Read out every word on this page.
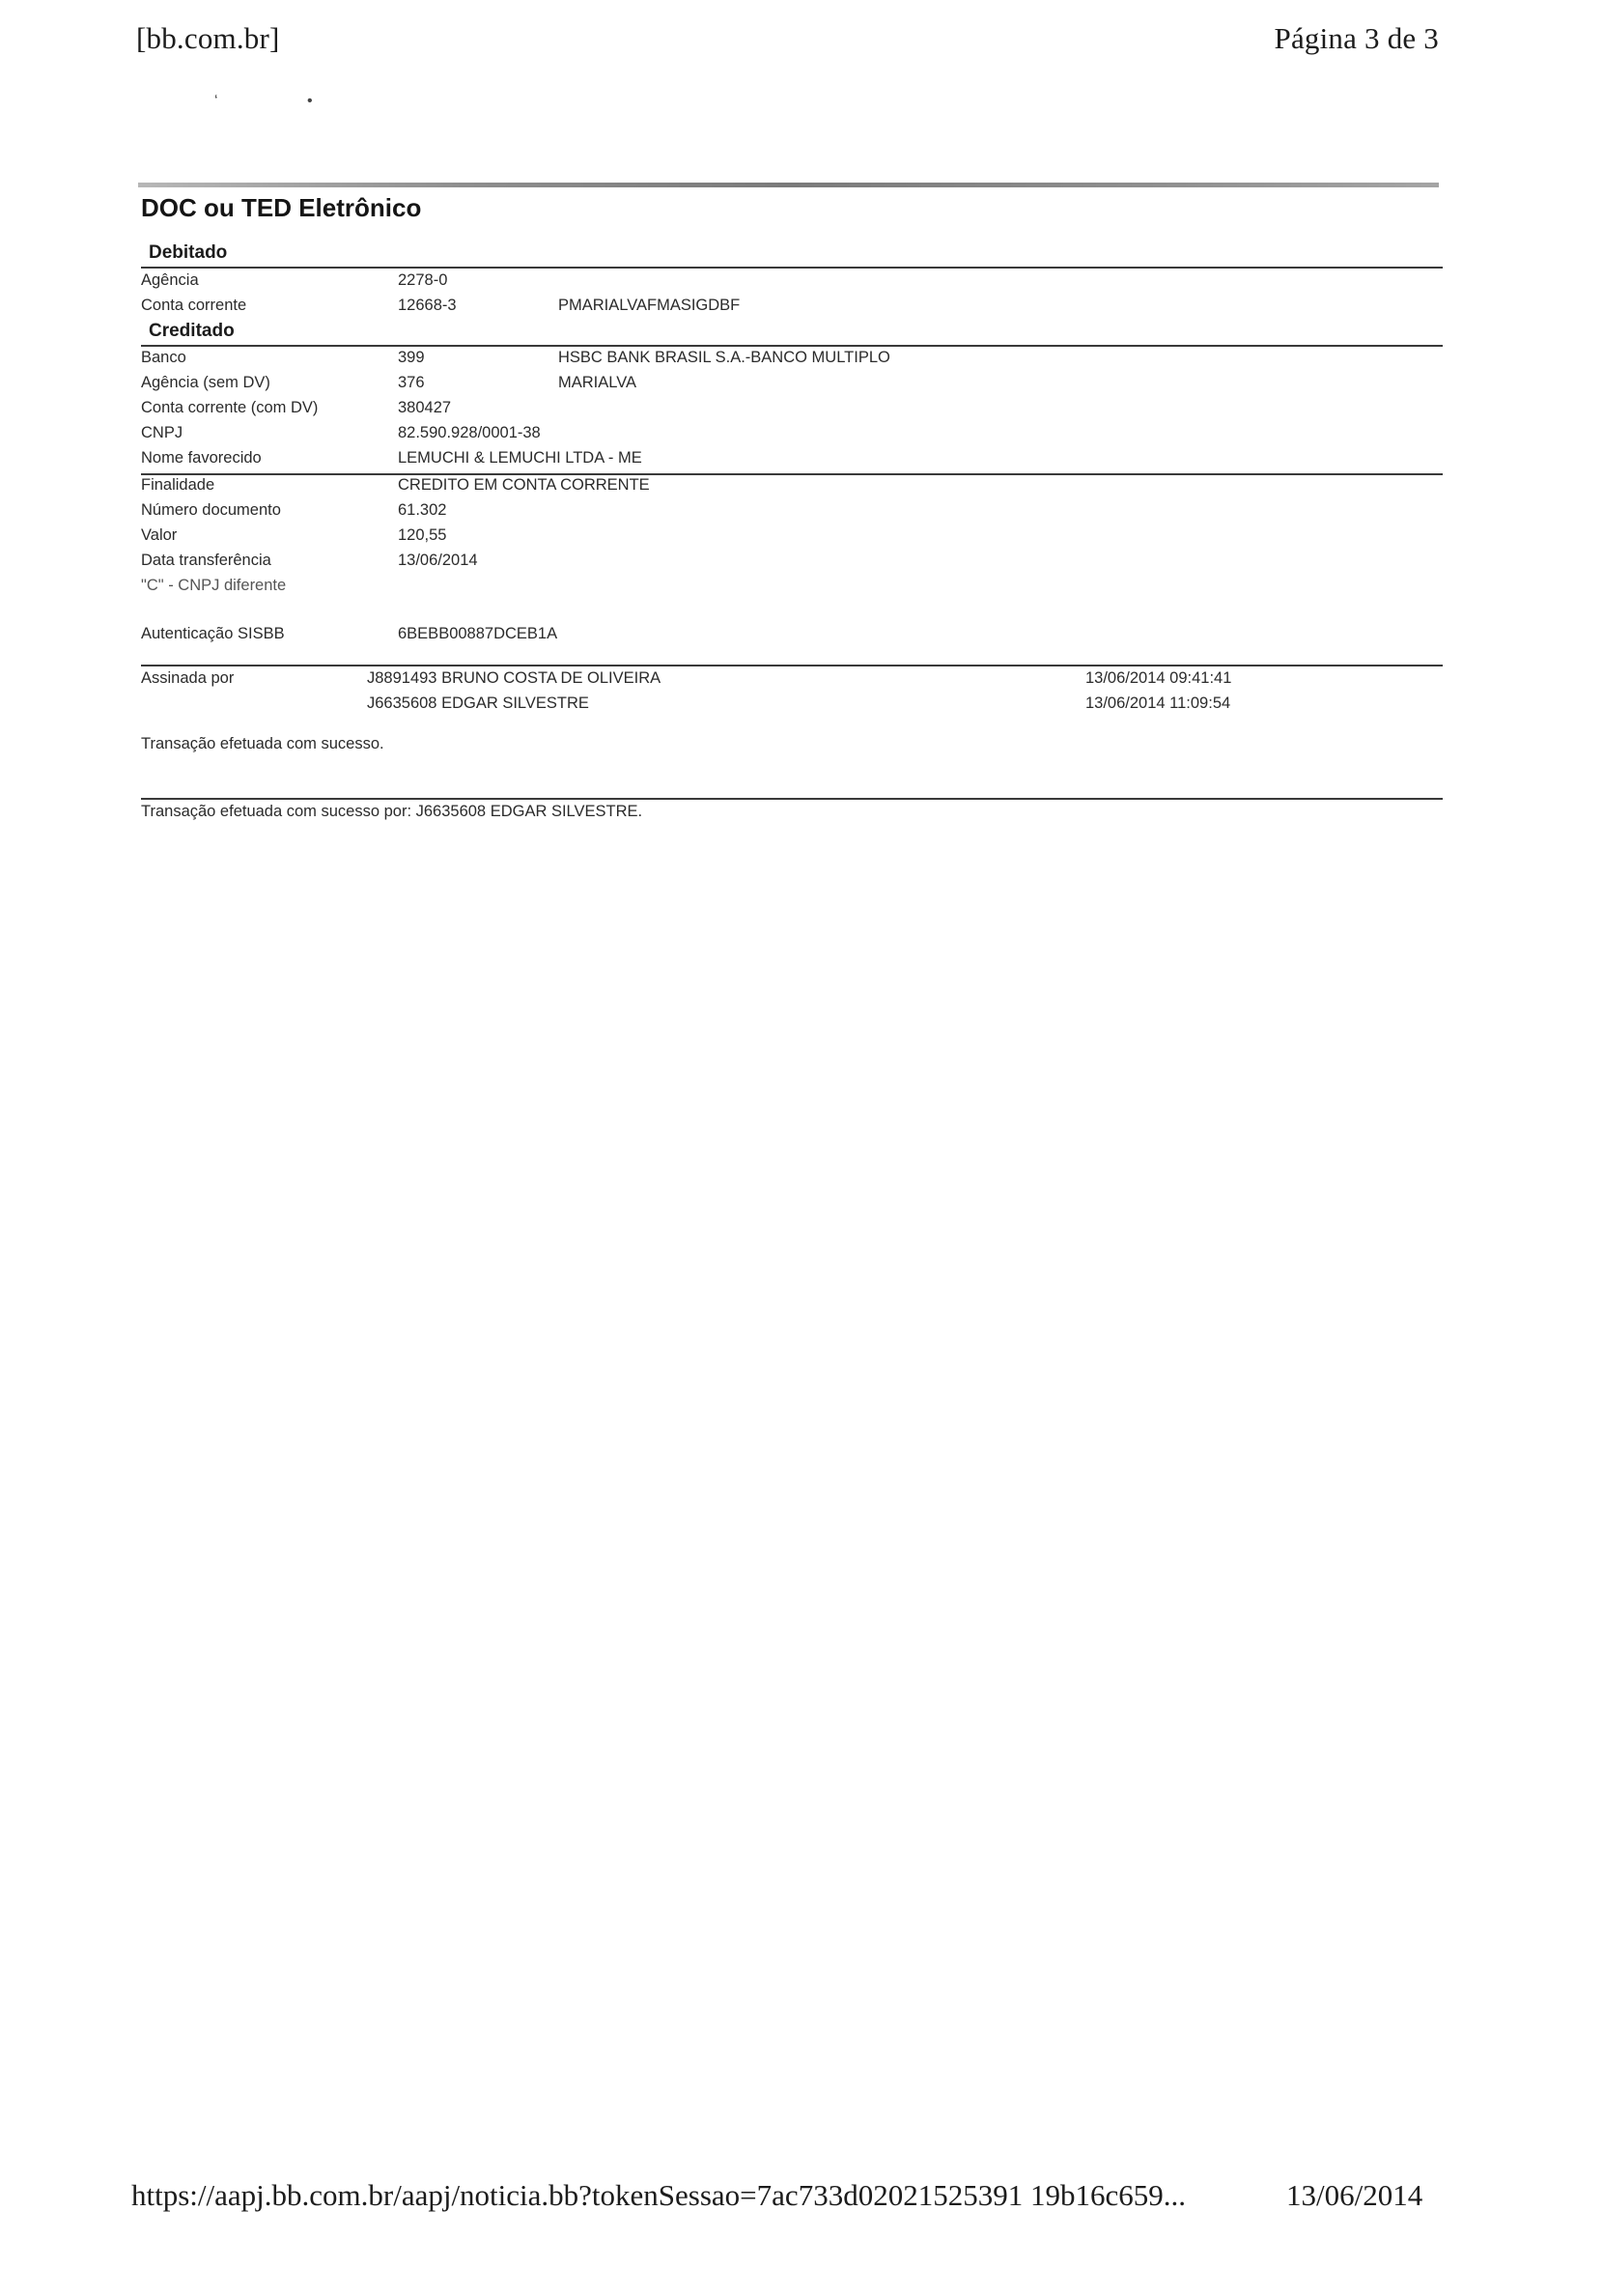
[bb.com.br]	Página 3 de 3
‘	•
DOC ou TED Eletrônico
Debitado
Agência	2278-0
Conta corrente	12668-3	PMARIALVAFMASIGDBF
Creditado
Banco	399	HSBC BANK BRASIL S.A.-BANCO MULTIPLO
Agência (sem DV)	376	MARIALVA
Conta corrente (com DV)	380427
CNPJ	82.590.928/0001-38
Nome favorecido	LEMUCHI & LEMUCHI LTDA - ME
Finalidade	CREDITO EM CONTA CORRENTE
Número documento	61.302
Valor	120,55
Data transferência	13/06/2014
"C" - CNPJ diferente
Autenticação SISBB	6BEBB00887DCEB1A
Assinada por	J8891493 BRUNO COSTA DE OLIVEIRA	13/06/2014 09:41:41
J6635608 EDGAR SILVESTRE	13/06/2014 11:09:54
Transação efetuada com sucesso.
Transação efetuada com sucesso por: J6635608 EDGAR SILVESTRE.
https://aapj.bb.com.br/aapj/noticia.bb?tokenSessao=7ac733d02021525391 19b16c659...	13/06/2014
